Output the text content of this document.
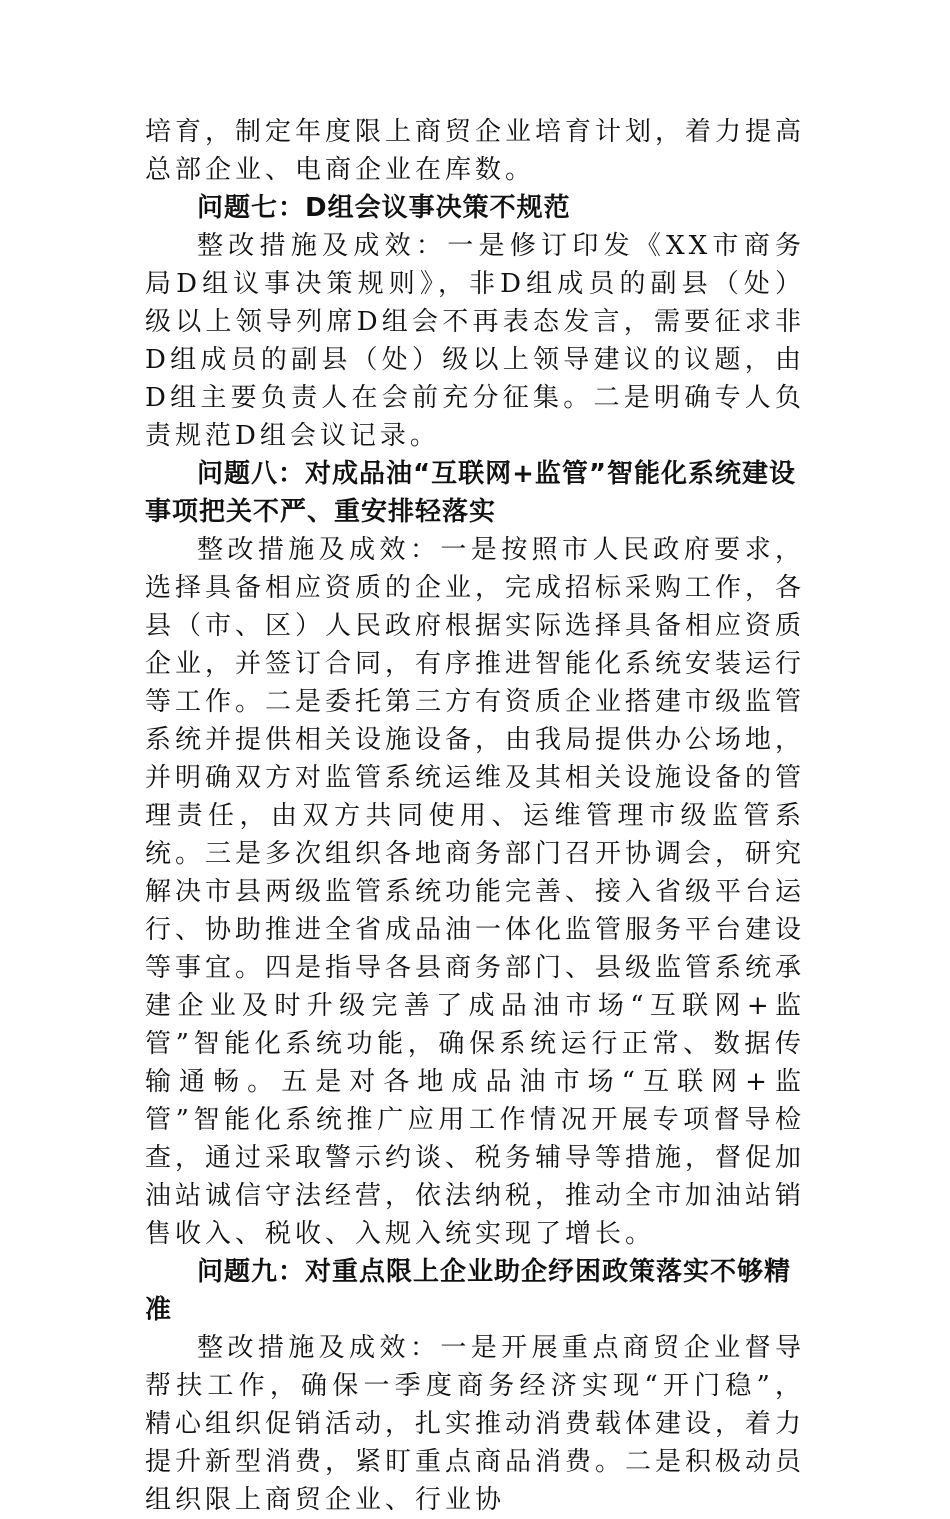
培育，制定年度限上商贸企业培育计划，着力提高总部企业、电商企业在库数。

问题七：D组会议事决策不规范

整改措施及成效：一是修订印发《XX市商务局D组议事决策规则》，非D组成员的副县（处）级以上领导列席D组会不再表态发言，需要征求非D组成员的副县（处）级以上领导建议的议题，由D组主要负责人在会前充分征集。二是明确专人负责规范D组会议记录。

问题八：对成品油“互联网+监管”智能化系统建设事项把关不严、重安排轻落实

整改措施及成效：一是按照市人民政府要求，选择具备相应资质的企业，完成招标采购工作，各县（市、区）人民政府根据实际选择具备相应资质企业，并签订合同，有序推进智能化系统安装运行等工作。二是委托第三方有资质企业搭建市级监管系统并提供相关设施设备，由我局提供办公场地，并明确双方对监管系统运维及其相关设施设备的管理责任，由双方共同使用、运维管理市级监管系统。三是多次组织各地商务部门召开协调会，研究解决市县两级监管系统功能完善、接入省级平台运行、协助推进全省成品油一体化监管服务平台建设等事宜。四是指导各县商务部门、县级监管系统承建企业及时升级完善了成品油市场“互联网+监管”智能化系统功能，确保系统运行正常、数据传输通畅。五是对各地成品油市场“互联网+监管”智能化系统推广应用工作情况开展专项督导检查，通过采取警示约谈、税务辅导等措施，督促加油站诚信守法经营，依法纳税，推动全市加油站销售收入、税收、入规入统实现了增长。

问题九：对重点限上企业助企纾困政策落实不够精准

整改措施及成效：一是开展重点商贸企业督导帮扶工作，确保一季度商务经济实现“开门稳”，精心组织促销活动，扎实推动消费载体建设，着力提升新型消费，紧盯重点商品消费。二是积极动员组织限上商贸企业、行业协
